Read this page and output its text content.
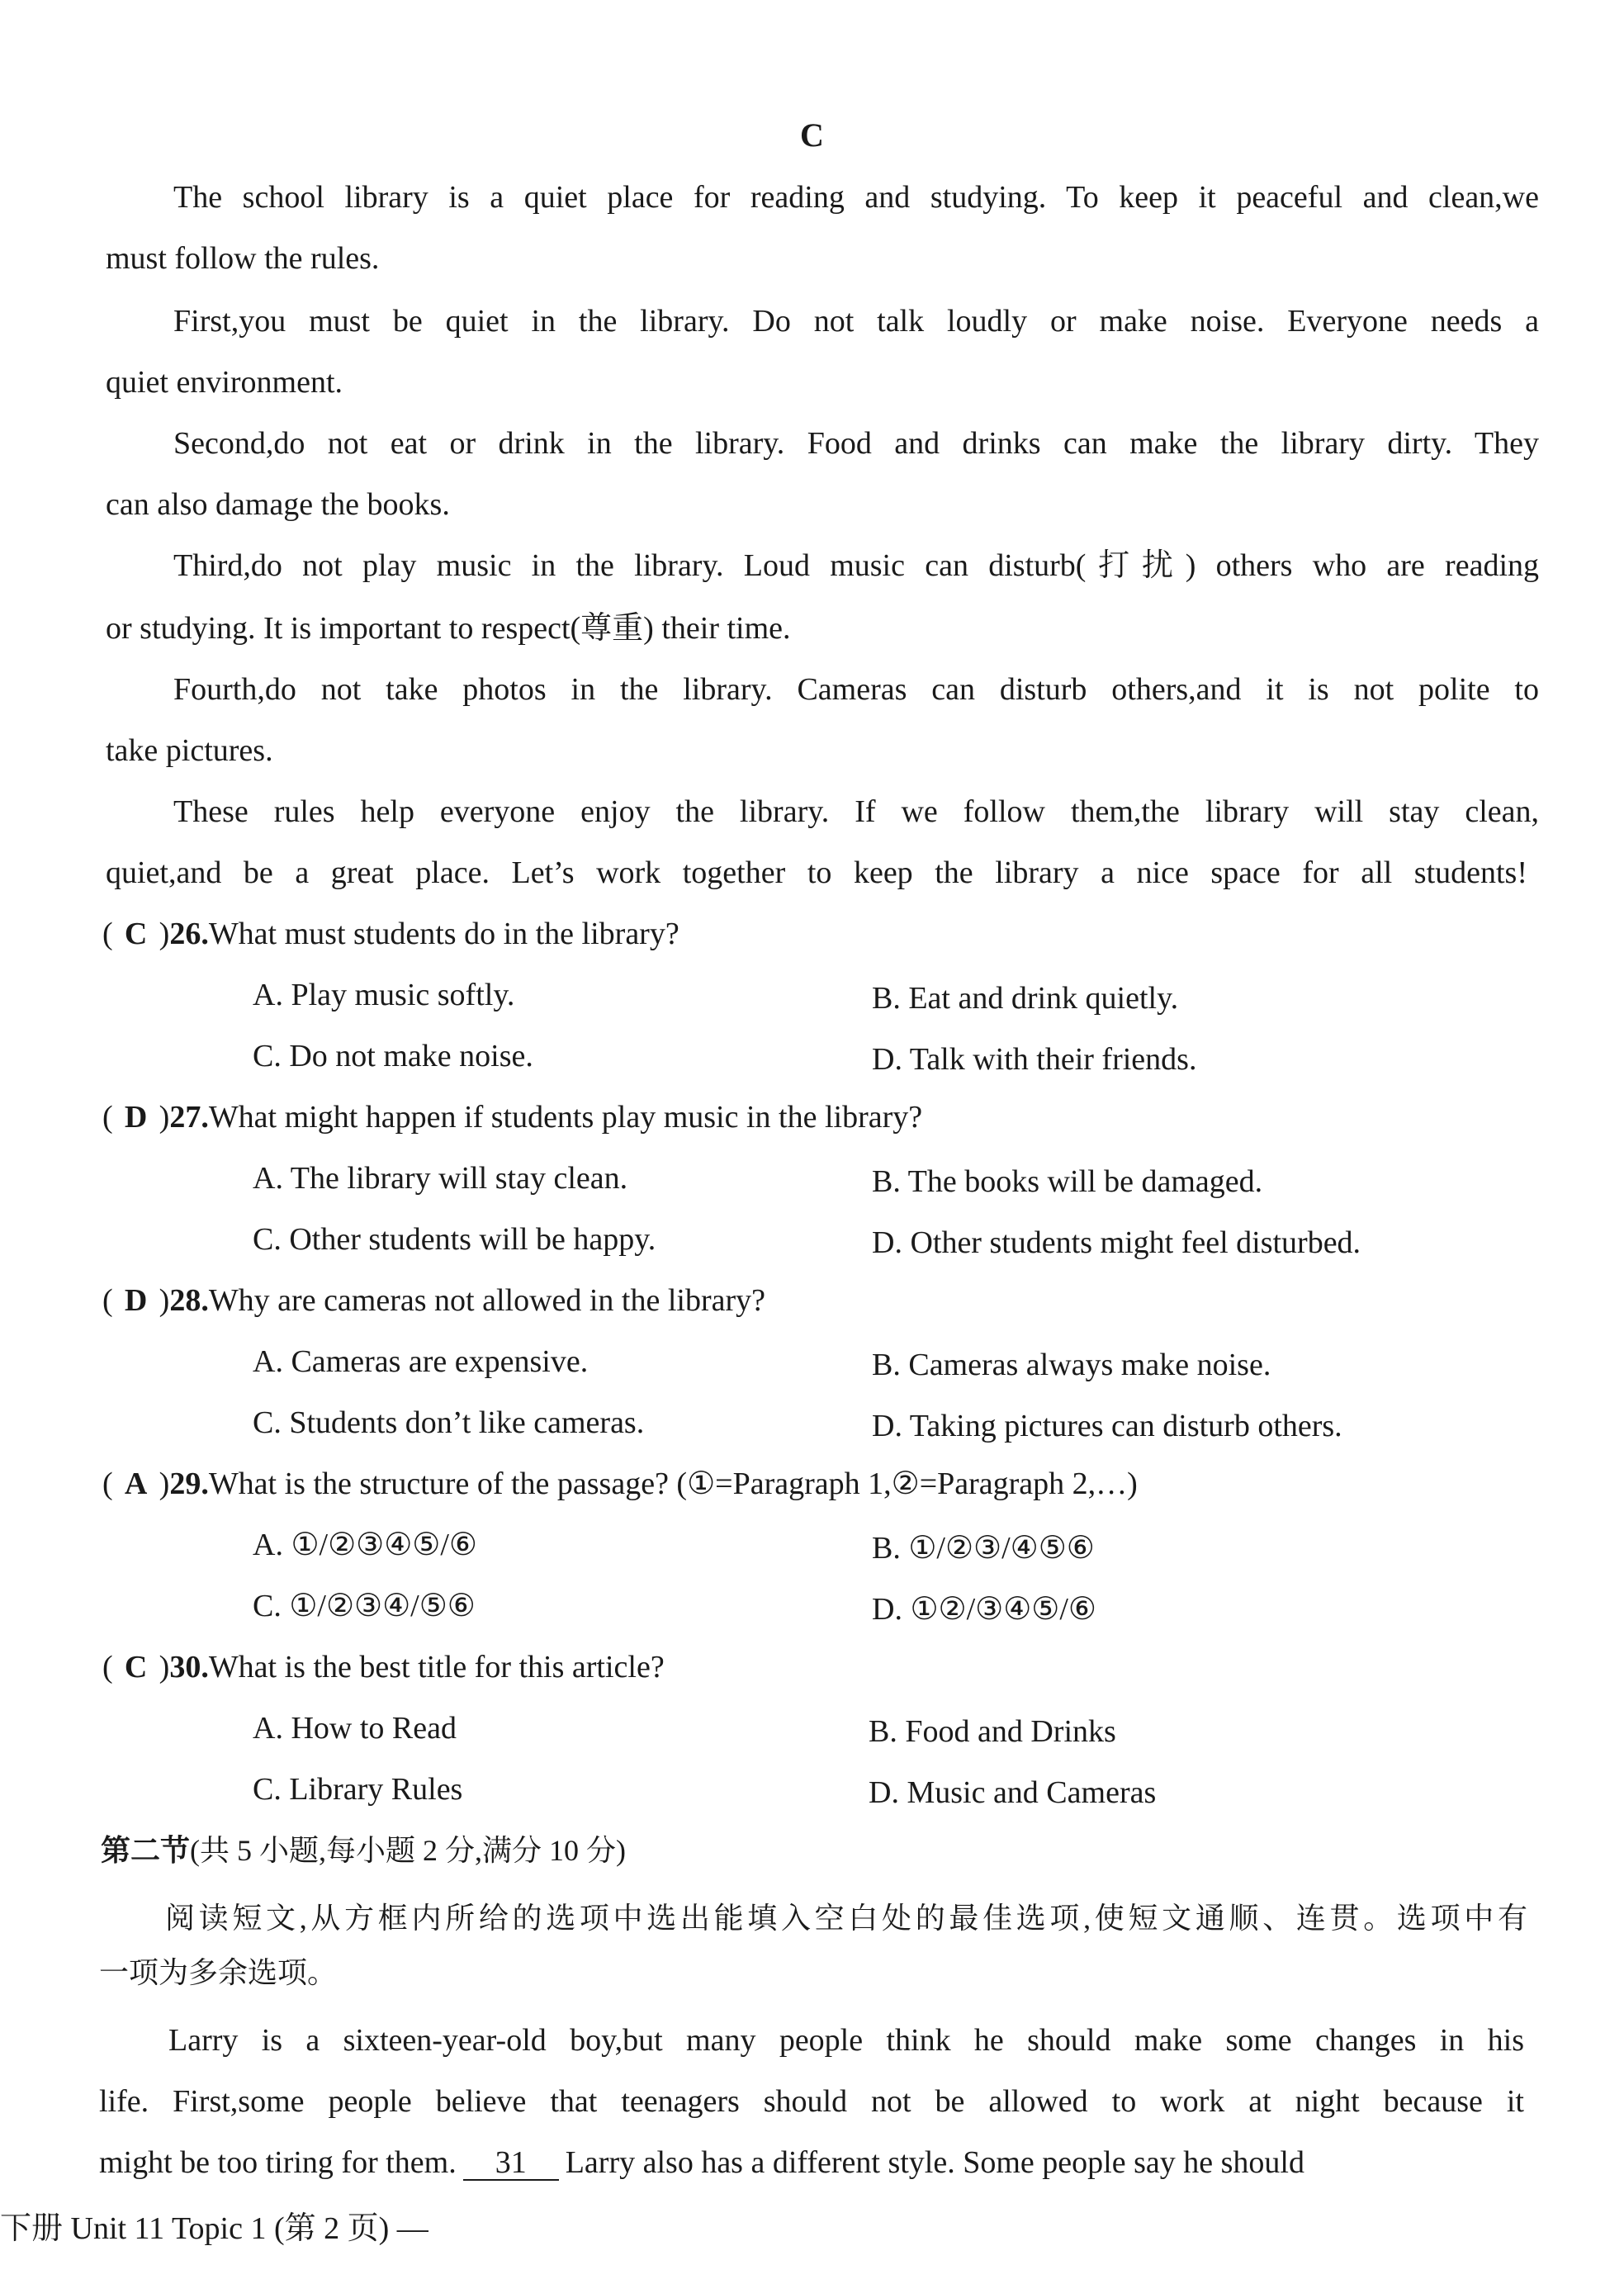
C
The school library is a quiet place for reading and studying. To keep it peaceful and clean,we
must follow the rules.
First,you must be quiet in the library. Do not talk loudly or make noise. Everyone needs a
quiet environment.
Second,do not eat or drink in the library. Food and drinks can make the library dirty. They
can also damage the books.
Third,do not play music in the library. Loud music can disturb(打扰) others who are reading
or studying. It is important to respect(尊重) their time.
Fourth,do not take photos in the library. Cameras can disturb others,and it is not polite to
take pictures.
These rules help everyone enjoy the library. If we follow them,the library will stay clean,
quiet,and be a great place. Let’s work together to keep the library a nice space for all students!
( C )26.What must students do in the library?
A. Play music softly.	B. Eat and drink quietly.
C. Do not make noise.	D. Talk with their friends.
( D )27.What might happen if students play music in the library?
A. The library will stay clean.	B. The books will be damaged.
C. Other students will be happy.	D. Other students might feel disturbed.
( D )28.Why are cameras not allowed in the library?
A. Cameras are expensive.	B. Cameras always make noise.
C. Students don’t like cameras.	D. Taking pictures can disturb others.
( A )29.What is the structure of the passage? (①=Paragraph 1,②=Paragraph 2,…)
A. ①/②③④⑤/⑥	B. ①/②③/④⑤⑥
C. ①/②③④/⑤⑥	D. ①②/③④⑤/⑥
( C )30.What is the best title for this article?
A. How to Read	B. Food and Drinks
C. Library Rules	D. Music and Cameras
第二节(共 5 小题,每小题 2 分,满分 10 分)
阅读短文,从方框内所给的选项中选出能填入空白处的最佳选项,使短文通顺、连贯。选项中有
一项为多余选项。
Larry is a sixteen-year-old boy,but many people think he should make some changes in his
life. First,some people believe that teenagers should not be allowed to work at night because it
might be too tiring for them. 31 Larry also has a different style. Some people say he should
下册 Unit 11 Topic 1 (第 2 页) —
